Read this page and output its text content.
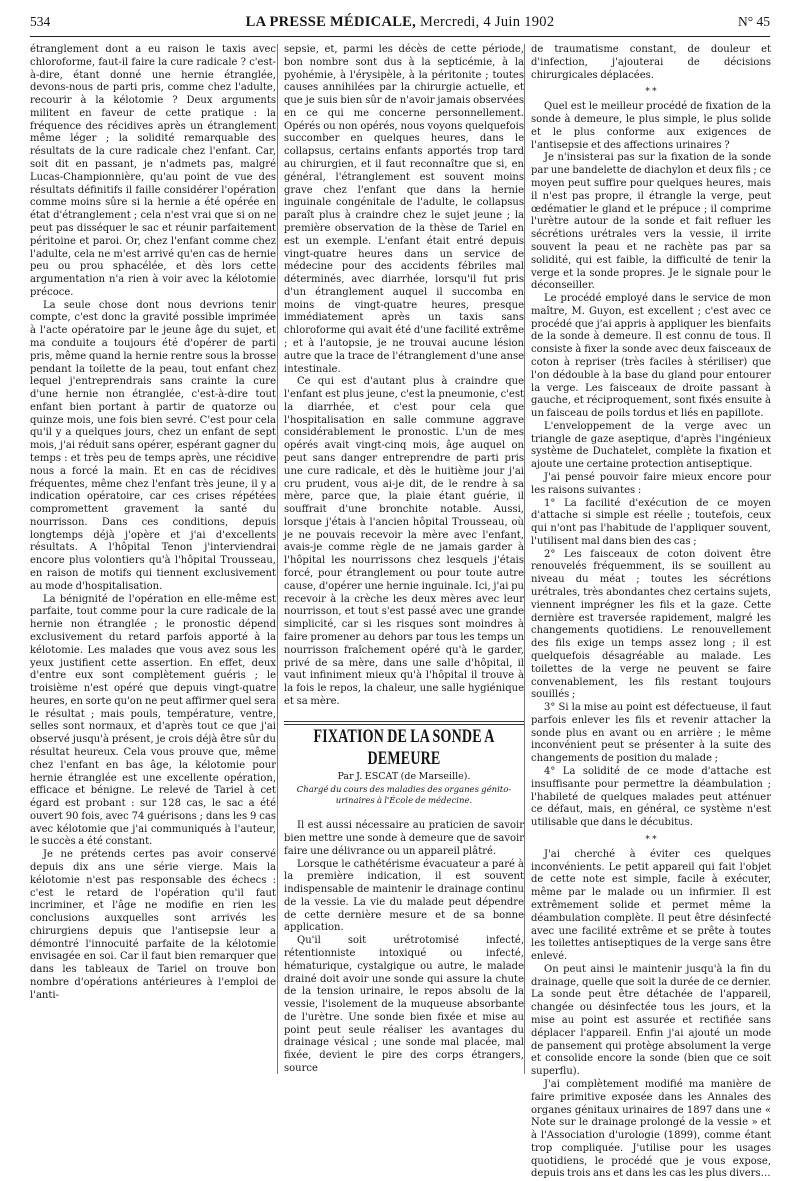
534	LA PRESSE MÉDICALE, Mercredi, 4 Juin 1902	N° 45

étranglement dont a eu raison le taxis avec chloroforme, faut-il faire la cure radicale ? c'est-à-dire, étant donné une hernie étranglée, devons-nous de parti pris, comme chez l'adulte, recourir à la kélotomie ? Deux arguments militent en faveur de cette pratique : la fréquence des récidives après un étranglement même léger ; la solidité remarquable des résultats de la cure radicale chez l'enfant. Car, soit dit en passant, je n'admets pas, malgré Lucas-Championnière, qu'au point de vue des résultats définitifs il faille considérer l'opération comme moins sûre si la hernie a été opérée en état d'étranglement ; cela n'est vrai que si on ne peut pas disséquer le sac et réunir parfaitement péritoine et paroi. Or, chez l'enfant comme chez l'adulte, cela ne m'est arrivé qu'en cas de hernie peu ou prou sphacélée, et dès lors cette argumentation n'a rien à voir avec la kélotomie précoce.

La seule chose dont nous devrions tenir compte, c'est donc la gravité possible imprimée à l'acte opératoire par le jeune âge du sujet, et ma conduite a toujours été d'opérer de parti pris, même quand la hernie rentre sous la brosse pendant la toilette de la peau, tout enfant chez lequel j'entreprendrais sans crainte la cure d'une hernie non étranglée, c'est-à-dire tout enfant bien portant à partir de quatorze ou quinze mois, une fois bien sevré. C'est pour cela qu'il y a quelques jours, chez un enfant de sept mois, j'ai réduit sans opérer, espérant gagner du temps : et très peu de temps après, une récidive nous a forcé la main. Et en cas de récidives fréquentes, même chez l'enfant très jeune, il y a indication opératoire, car ces crises répétées compromettent gravement la santé du nourrisson. Dans ces conditions, depuis longtemps déjà j'opère et j'ai d'excellents résultats. A l'hôpital Tenon j'interviendrai encore plus volontiers qu'à l'hôpital Trousseau, en raison de motifs qui tiennent exclusivement au mode d'hospitalisation.

La bénignité de l'opération en elle-même est parfaite, tout comme pour la cure radicale de la hernie non étranglée ; le pronostic dépend exclusivement du retard parfois apporté à la kélotomie. Les malades que vous avez sous les yeux justifient cette assertion. En effet, deux d'entre eux sont complètement guéris ; le troisième n'est opéré que depuis vingt-quatre heures, en sorte qu'on ne peut affirmer quel sera le résultat ; mais pouls, température, ventre, selles sont normaux, et d'après tout ce que j'ai observé jusqu'à présent, je crois déjà être sûr du résultat heureux. Cela vous prouve que, même chez l'enfant en bas âge, la kélotomie pour hernie étranglée est une excellente opération, efficace et bénigne. Le relevé de Tariel à cet égard est probant : sur 128 cas, le sac a été ouvert 90 fois, avec 74 guérisons ; dans les 9 cas avec kélotomie que j'ai communiqués à l'auteur, le succès a été constant.

Je ne prétends certes pas avoir conservé depuis dix ans une série vierge. Mais la kélotomie n'est pas responsable des échecs : c'est le retard de l'opération qu'il faut incriminer, et l'âge ne modifie en rien les conclusions auxquelles sont arrivés les chirurgiens depuis que l'antisepsie leur a démontré l'innocuité parfaite de la kélotomie envisagée en soi. Car il faut bien remarquer que dans les tableaux de Tariel on trouve bon nombre d'opérations antérieures à l'emploi de l'anti-

sepsie, et, parmi les décès de cette période, bon nombre sont dus à la septicémie, à la pyohémie, à l'érysipèle, à la péritonite ; toutes causes annihilées par la chirurgie actuelle, et que je suis bien sûr de n'avoir jamais observées en ce qui me concerne personnellement. Opérés ou non opérés, nous voyons quelquefois succomber en quelques heures, dans le collapsus, certains enfants apportés trop tard au chirurgien, et il faut reconnaître que si, en général, l'étranglement est souvent moins grave chez l'enfant que dans la hernie inguinale congénitale de l'adulte, le collapsus paraît plus à craindre chez le sujet jeune ; la première observation de la thèse de Tariel en est un exemple. L'enfant était entré depuis vingt-quatre heures dans un service de médecine pour des accidents fébriles mal déterminés, avec diarrhée, lorsqu'il fut pris d'un étranglement auquel il succomba en moins de vingt-quatre heures, presque immédiatement après un taxis sans chloroforme qui avait été d'une facilité extrême ; et à l'autopsie, je ne trouvai aucune lésion autre que la trace de l'étranglement d'une anse intestinale.

Ce qui est d'autant plus à craindre que l'enfant est plus jeune, c'est la pneumonie, c'est la diarrhée, et c'est pour cela que l'hospitalisation en salle commune aggrave considérablement le pronostic. L'un de mes opérés avait vingt-cinq mois, âge auquel on peut sans danger entreprendre de parti pris une cure radicale, et dès le huitième jour j'ai cru prudent, vous ai-je dit, de le rendre à sa mère, parce que, la plaie étant guérie, il souffrait d'une bronchite notable. Aussi, lorsque j'étais à l'ancien hôpital Trousseau, où je ne pouvais recevoir la mère avec l'enfant, avais-je comme règle de ne jamais garder à l'hôpital les nourrissons chez lesquels j'étais forcé, pour étranglement ou pour toute autre cause, d'opérer une hernie inguinale. Ici, j'ai pu recevoir à la crèche les deux mères avec leur nourrisson, et tout s'est passé avec une grande simplicité, car si les risques sont moindres à faire promener au dehors par tous les temps un nourrisson fraîchement opéré qu'à le garder, privé de sa mère, dans une salle d'hôpital, il vaut infiniment mieux qu'à l'hôpital il trouve à la fois le repos, la chaleur, une salle hygiénique et sa mère.

FIXATION DE LA SONDE A DEMEURE
Par J. ESCAT (de Marseille).
Chargé du cours des maladies des organes génito-urinaires à l'École de médecine.

Il est aussi nécessaire au praticien de savoir bien mettre une sonde à demeure que de savoir faire une délivrance ou un appareil plâtré.

Lorsque le cathétérisme évacuateur a paré à la première indication, il est souvent indispensable de maintenir le drainage continu de la vessie. La vie du malade peut dépendre de cette dernière mesure et de sa bonne application.

Qu'il soit urétrotomisé infecté, rétentionniste intoxiqué ou infecté, hématurique, cystalgique ou autre, le malade drainé doit avoir une sonde qui assure la chute de la tension urinaire, le repos absolu de la vessie, l'isolement de la muqueuse absorbante de l'urètre. Une sonde bien fixée et mise au point peut seule réaliser les avantages du drainage vésical ; une sonde mal placée, mal fixée, devient le pire des corps étrangers, source

de traumatisme constant, de douleur et d'infection, j'ajouterai de décisions chirurgicales déplacées.

* *

Quel est le meilleur procédé de fixation de la sonde à demeure, le plus simple, le plus solide et le plus conforme aux exigences de l'antisepsie et des affections urinaires ?

Je n'insisterai pas sur la fixation de la sonde par une bandelette de diachylon et deux fils ; ce moyen peut suffire pour quelques heures, mais il n'est pas propre, il étrangle la verge, peut œdématier le gland et le prépuce ; il comprime l'urètre autour de la sonde et fait refluer les sécrétions urétrales vers la vessie, il irrite souvent la peau et ne rachète pas par sa solidité, qui est faible, la difficulté de tenir la verge et la sonde propres. Je le signale pour le déconseiller.

Le procédé employé dans le service de mon maître, M. Guyon, est excellent ; c'est avec ce procédé que j'ai appris à appliquer les bienfaits de la sonde à demeure. Il est connu de tous. Il consiste à fixer la sonde avec deux faisceaux de coton à repriser (très faciles à stériliser) que l'on dédouble à la base du gland pour entourer la verge. Les faisceaux de droite passant à gauche, et réciproquement, sont fixés ensuite à un faisceau de poils tordus et liés en papillote.

L'enveloppement de la verge avec un triangle de gaze aseptique, d'après l'ingénieux système de Duchatelet, complète la fixation et ajoute une certaine protection antiseptique.

J'ai pensé pouvoir faire mieux encore pour les raisons suivantes :

1° La facilité d'exécution de ce moyen d'attache si simple est réelle ; toutefois, ceux qui n'ont pas l'habitude de l'appliquer souvent, l'utilisent mal dans bien des cas ;

2° Les faisceaux de coton doivent être renouvelés fréquemment, ils se souillent au niveau du méat ; toutes les sécrétions urétrales, très abondantes chez certains sujets, viennent imprégner les fils et la gaze. Cette dernière est traversée rapidement, malgré les changements quotidiens. Le renouvellement des fils exige un temps assez long ; il est quelquefois désagréable au malade. Les toilettes de la verge ne peuvent se faire convenablement, les fils restant toujours souillés ;

3° Si la mise au point est défectueuse, il faut parfois enlever les fils et revenir attacher la sonde plus en avant ou en arrière ; le même inconvénient peut se présenter à la suite des changements de position du malade ;

4° La solidité de ce mode d'attache est insuffisante pour permettre la déambulation ; l'habileté de quelques malades peut atténuer ce défaut, mais, en général, ce système n'est utilisable que dans le décubitus.

* *

J'ai cherché à éviter ces quelques inconvénients. Le petit appareil qui fait l'objet de cette note est simple, facile à exécuter, même par le malade ou un infirmier. Il est extrêmement solide et permet même la déambulation complète. Il peut être désinfecté avec une facilité extrême et se prête à toutes les toilettes antiseptiques de la verge sans être enlevé.

On peut ainsi le maintenir jusqu'à la fin du drainage, quelle que soit la durée de ce dernier. La sonde peut être détachée de l'appareil, changée ou désinfectée tous les jours, et la mise au point est assurée et rectifiée sans déplacer l'appareil. Enfin j'ai ajouté un mode de pansement qui protège absolument la verge et consolide encore la sonde (bien que ce soit superflu).

J'ai complètement modifié ma manière de faire primitive exposée dans les Annales des organes génitaux urinaires de 1897 dans une « Note sur le drainage prolongé de la vessie » et à l'Association d'urologie (1899), comme étant trop compliquée. J'utilise pour les usages quotidiens, le procédé que je vous expose, depuis trois ans et dans les cas les plus divers…
